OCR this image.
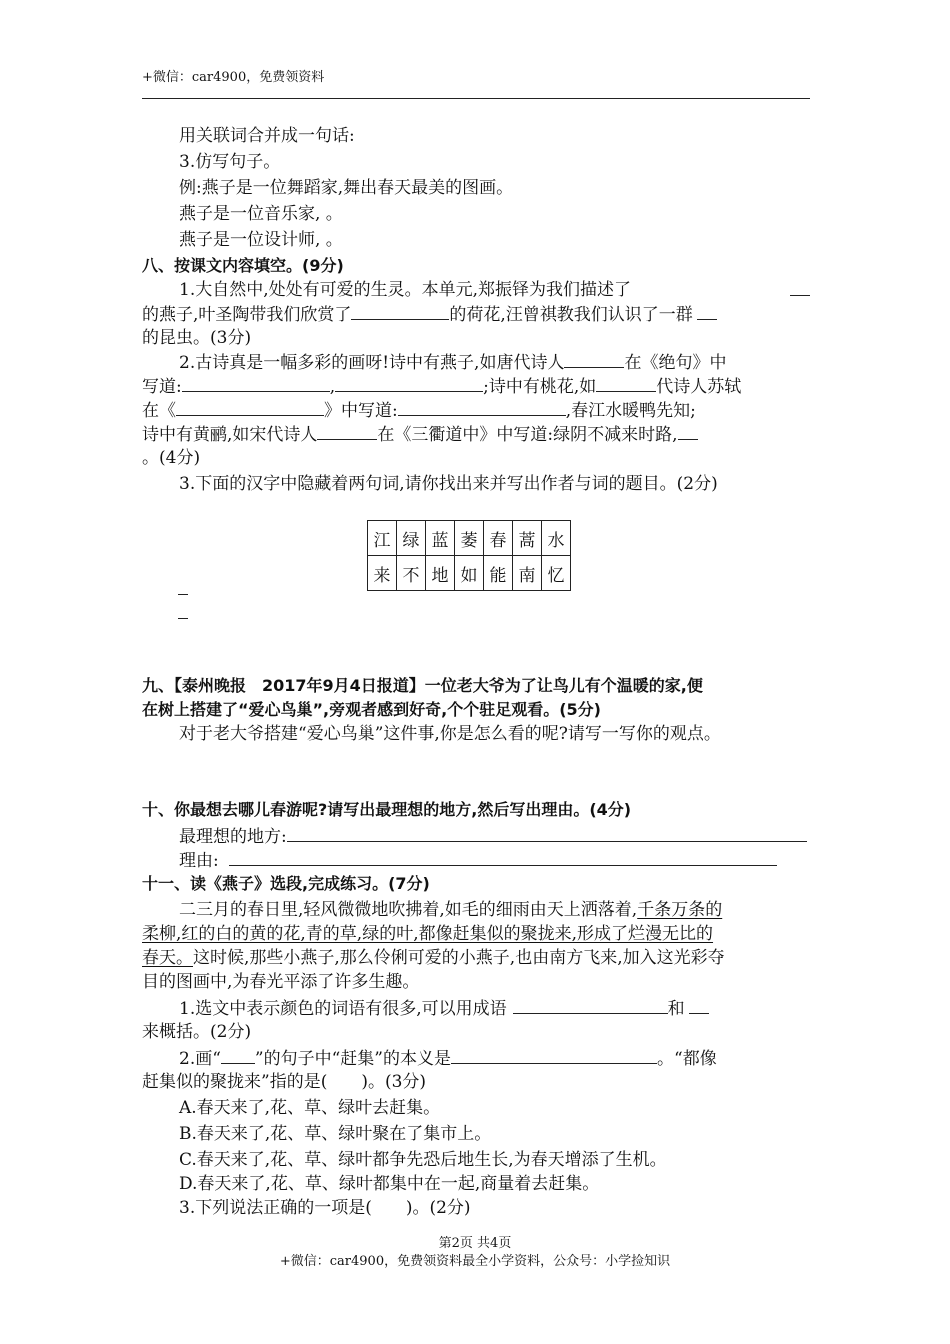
+微信：car4900，免费领资料
用关联词合并成一句话:
3.仿写句子。
例:燕子是一位舞蹈家,舞出春天最美的图画。
燕子是一位音乐家, 。
燕子是一位设计师, 。
八、按课文内容填空。(9分)
1.大自然中,处处有可爱的生灵。本单元,郑振铎为我们描述了
的燕子,叶圣陶带我们欣赏了	的荷花,汪曾祺教我们认识了一群
的昆虫。(3分)
2.古诗真是一幅多彩的画呀!诗中有燕子,如唐代诗人	在《绝句》中
写道:	,	;诗中有桃花,如	代诗人苏轼
在《	》中写道:	,春江水暖鸭先知;
诗中有黄鹂,如宋代诗人	在《三衢道中》中写道:绿阴不减来时路,
。(4分)
3.下面的汉字中隐藏着两句词,请你找出来并写出作者与词的题目。(2分)
江	绿	蓝	萎	春	蒿	水
来	不	地	如	能	南	忆
九、【泰州晚报　2017年9月4日报道】一位老大爷为了让鸟儿有个温暖的家,便
在树上搭建了“爱心鸟巢”,旁观者感到好奇,个个驻足观看。(5分)
对于老大爷搭建“爱心鸟巢”这件事,你是怎么看的呢?请写一写你的观点。
十、你最想去哪儿春游呢?请写出最理想的地方,然后写出理由。(4分)
最理想的地方:
理由:
十一、读《燕子》选段,完成练习。(7分)
二三月的春日里,轻风微微地吹拂着,如毛的细雨由天上洒落着,千条万条的
柔柳,红的白的黄的花,青的草,绿的叶,都像赶集似的聚拢来,形成了烂漫无比的
春天。这时候,那些小燕子,那么伶俐可爱的小燕子,也由南方飞来,加入这光彩夺
目的图画中,为春光平添了许多生趣。
1.选文中表示颜色的词语有很多,可以用成语	和
来概括。(2分)
2.画“ ”的句子中“赶集”的本义是	。“都像
赶集似的聚拢来”指的是(　　)。(3分)
A.春天来了,花、草、绿叶去赶集。
B.春天来了,花、草、绿叶聚在了集市上。
C.春天来了,花、草、绿叶都争先恐后地生长,为春天增添了生机。
D.春天来了,花、草、绿叶都集中在一起,商量着去赶集。
3.下列说法正确的一项是(　　)。(2分)
第2页 共4页
+微信：car4900，免费领资料最全小学资料，公众号：小学捡知识
